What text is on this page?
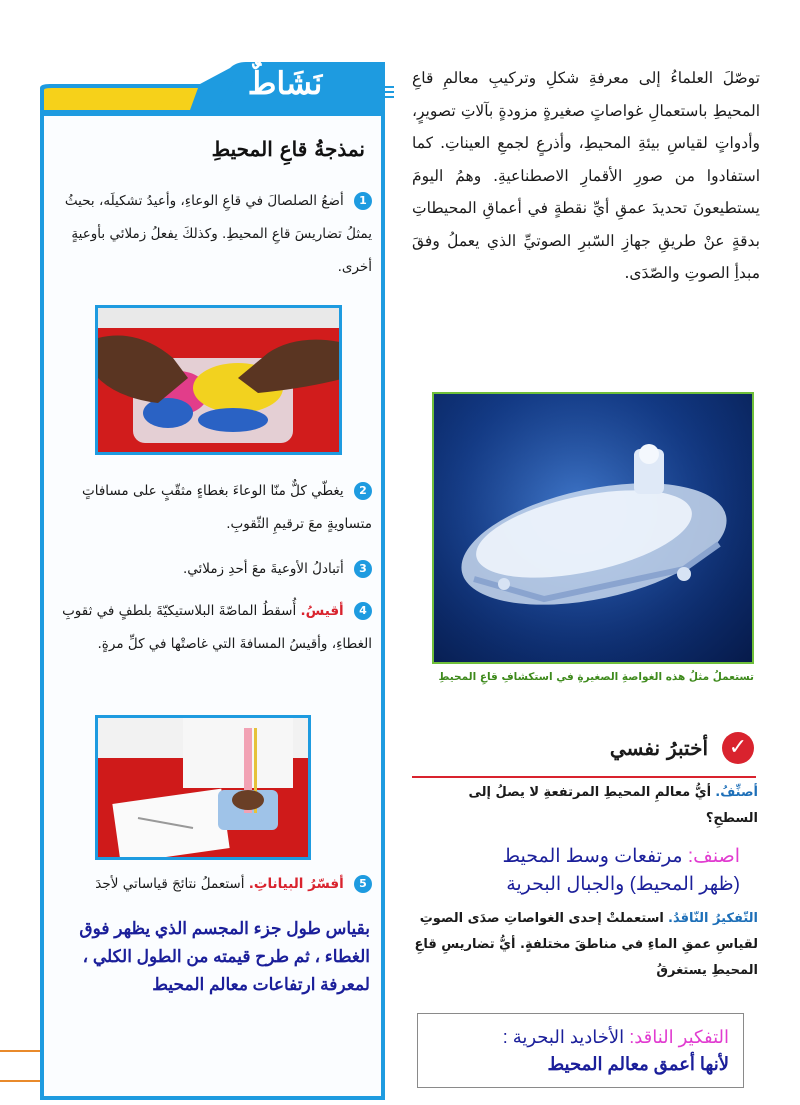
توصّلَ العلماءُ إلى معرفةِ شكلِ وتركيبِ معالمِ قاعِ المحيطِ باستعمالِ غواصاتٍ صغيرةٍ مزودةٍ بآلاتِ تصويرٍ، وأدواتٍ لقياسِ بيئةِ المحيطِ، وأذرعٍ لجمعِ العيناتِ. كما استفادوا من صورِ الأقمارِ الاصطناعيةِ. وهمُ اليومَ يستطيعونَ تحديدَ عمقِ أيِّ نقطةٍ في أعماقِ المحيطاتِ بدقةٍ عنْ طريقِ جهازِ السّبرِ الصوتيِّ الذي يعملُ وفقَ مبدأِ الصوتِ والصّدَى.

تستعملُ مثلُ هذه الغواصةِ الصغيرةِ في استكشافِ قاعِ المحيطِ
✓
أختبرُ نفسي
أصنِّفُ. أيُّ معالمِ المحيطِ المرتفعةِ لا يصلُ إلى السطحِ؟
اصنف: مرتفعات وسط المحيط
(ظهر المحيط) والجبال البحرية
التّفكيرُ النّاقدُ. استعملتْ إحدى الغواصاتِ صدَى الصوتِ لقياسِ عمقِ الماءِ في مناطقَ مختلفةٍ. أيُّ تضاريسِ قاعِ المحيطِ يستغرقُ
التفكير الناقد: الأخاديد البحرية :
لأنها أعمق معالم المحيط
نَشَاطٌ
نمذجةُ قاعِ المحيطِ
1 أضعُ الصلصالَ في قاعِ الوعاءِ، وأعيدُ تشكيلَه، بحيثُ يمثلُ تضاريسَ قاعِ المحيطِ. وكذلكَ يفعلُ زملائي بأوعيةٍ أخرى.
2 يغطّي كلٌّ منّا الوعاءَ بغطاءٍ مثقّبٍ على مسافاتٍ متساويةٍ معَ ترقيمِ الثّقوبِ.
3 أتبادلُ الأوعيةَ معَ أحدِ زملائي.
4 أقيسُ. أُسقطُ الماصّةَ البلاستيكيّةَ بلطفٍ في ثقوبِ الغطاءِ، وأقيسُ المسافةَ التي غاصتْها في كلِّ مرةٍ.
5 أفسّرُ البياناتِ. أستعملُ نتائجَ قياساتي لأجدَ
بقياس طول جزء المجسم الذي يظهر فوق الغطاء ، ثم طرح قيمته من الطول الكلي ، لمعرفة ارتفاعات معالم المحيط
